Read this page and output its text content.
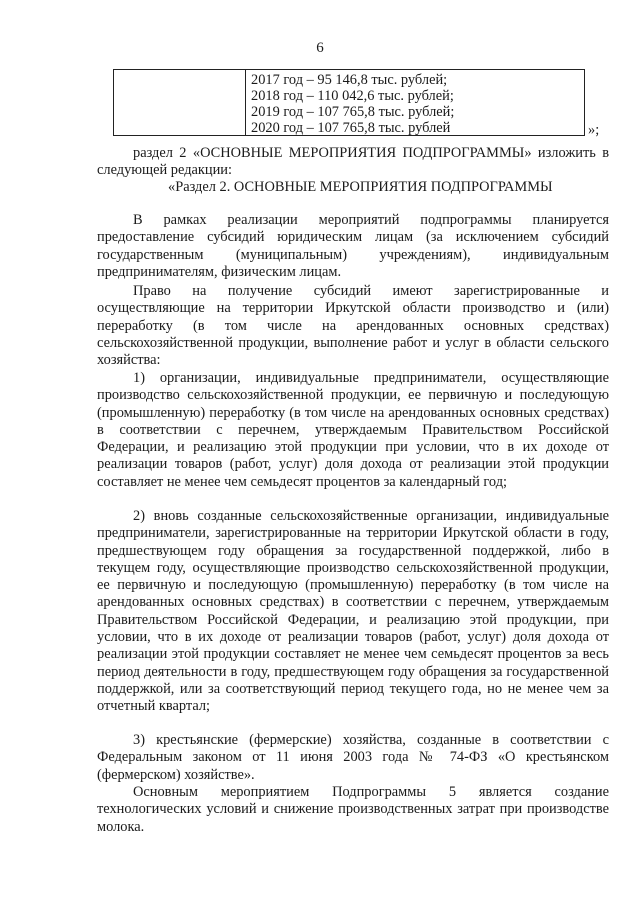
6
2017 год – 95 146,8 тыс. рублей;
2018 год – 110 042,6 тыс. рублей;
2019 год – 107 765,8 тыс. рублей;
2020 год – 107 765,8 тыс. рублей	»;

раздел 2 «ОСНОВНЫЕ МЕРОПРИЯТИЯ ПОДПРОГРАММЫ» изложить в следующей редакции:

«Раздел 2. ОСНОВНЫЕ МЕРОПРИЯТИЯ ПОДПРОГРАММЫ

В рамках реализации мероприятий подпрограммы планируется предоставление субсидий юридическим лицам (за исключением субсидий государственным (муниципальным) учреждениям), индивидуальным предпринимателям, физическим лицам.

Право на получение субсидий имеют зарегистрированные и осуществляющие на территории Иркутской области производство и (или) переработку (в том числе на арендованных основных средствах) сельскохозяйственной продукции, выполнение работ и услуг в области сельского хозяйства:

1) организации, индивидуальные предприниматели, осуществляющие производство сельскохозяйственной продукции, ее первичную и последующую (промышленную) переработку (в том числе на арендованных основных средствах) в соответствии с перечнем, утверждаемым Правительством Российской Федерации, и реализацию этой продукции при условии, что в их доходе от реализации товаров (работ, услуг) доля дохода от реализации этой продукции составляет не менее чем семьдесят процентов за календарный год;

2) вновь созданные сельскохозяйственные организации, индивидуальные предприниматели, зарегистрированные на территории Иркутской области в году, предшествующем году обращения за государственной поддержкой, либо в текущем году, осуществляющие производство сельскохозяйственной продукции, ее первичную и последующую (промышленную) переработку (в том числе на арендованных основных средствах) в соответствии с перечнем, утверждаемым Правительством Российской Федерации, и реализацию этой продукции, при условии, что в их доходе от реализации товаров (работ, услуг) доля дохода от реализации этой продукции составляет не менее чем семьдесят процентов за весь период деятельности в году, предшествующем году обращения за государственной поддержкой, или за соответствующий период текущего года, но не менее чем за отчетный квартал;

3) крестьянские (фермерские) хозяйства, созданные в соответствии с Федеральным законом от 11 июня 2003 года № 74-ФЗ «О крестьянском (фермерском) хозяйстве».

Основным мероприятием Подпрограммы 5 является создание технологических условий и снижение производственных затрат при производстве молока.
